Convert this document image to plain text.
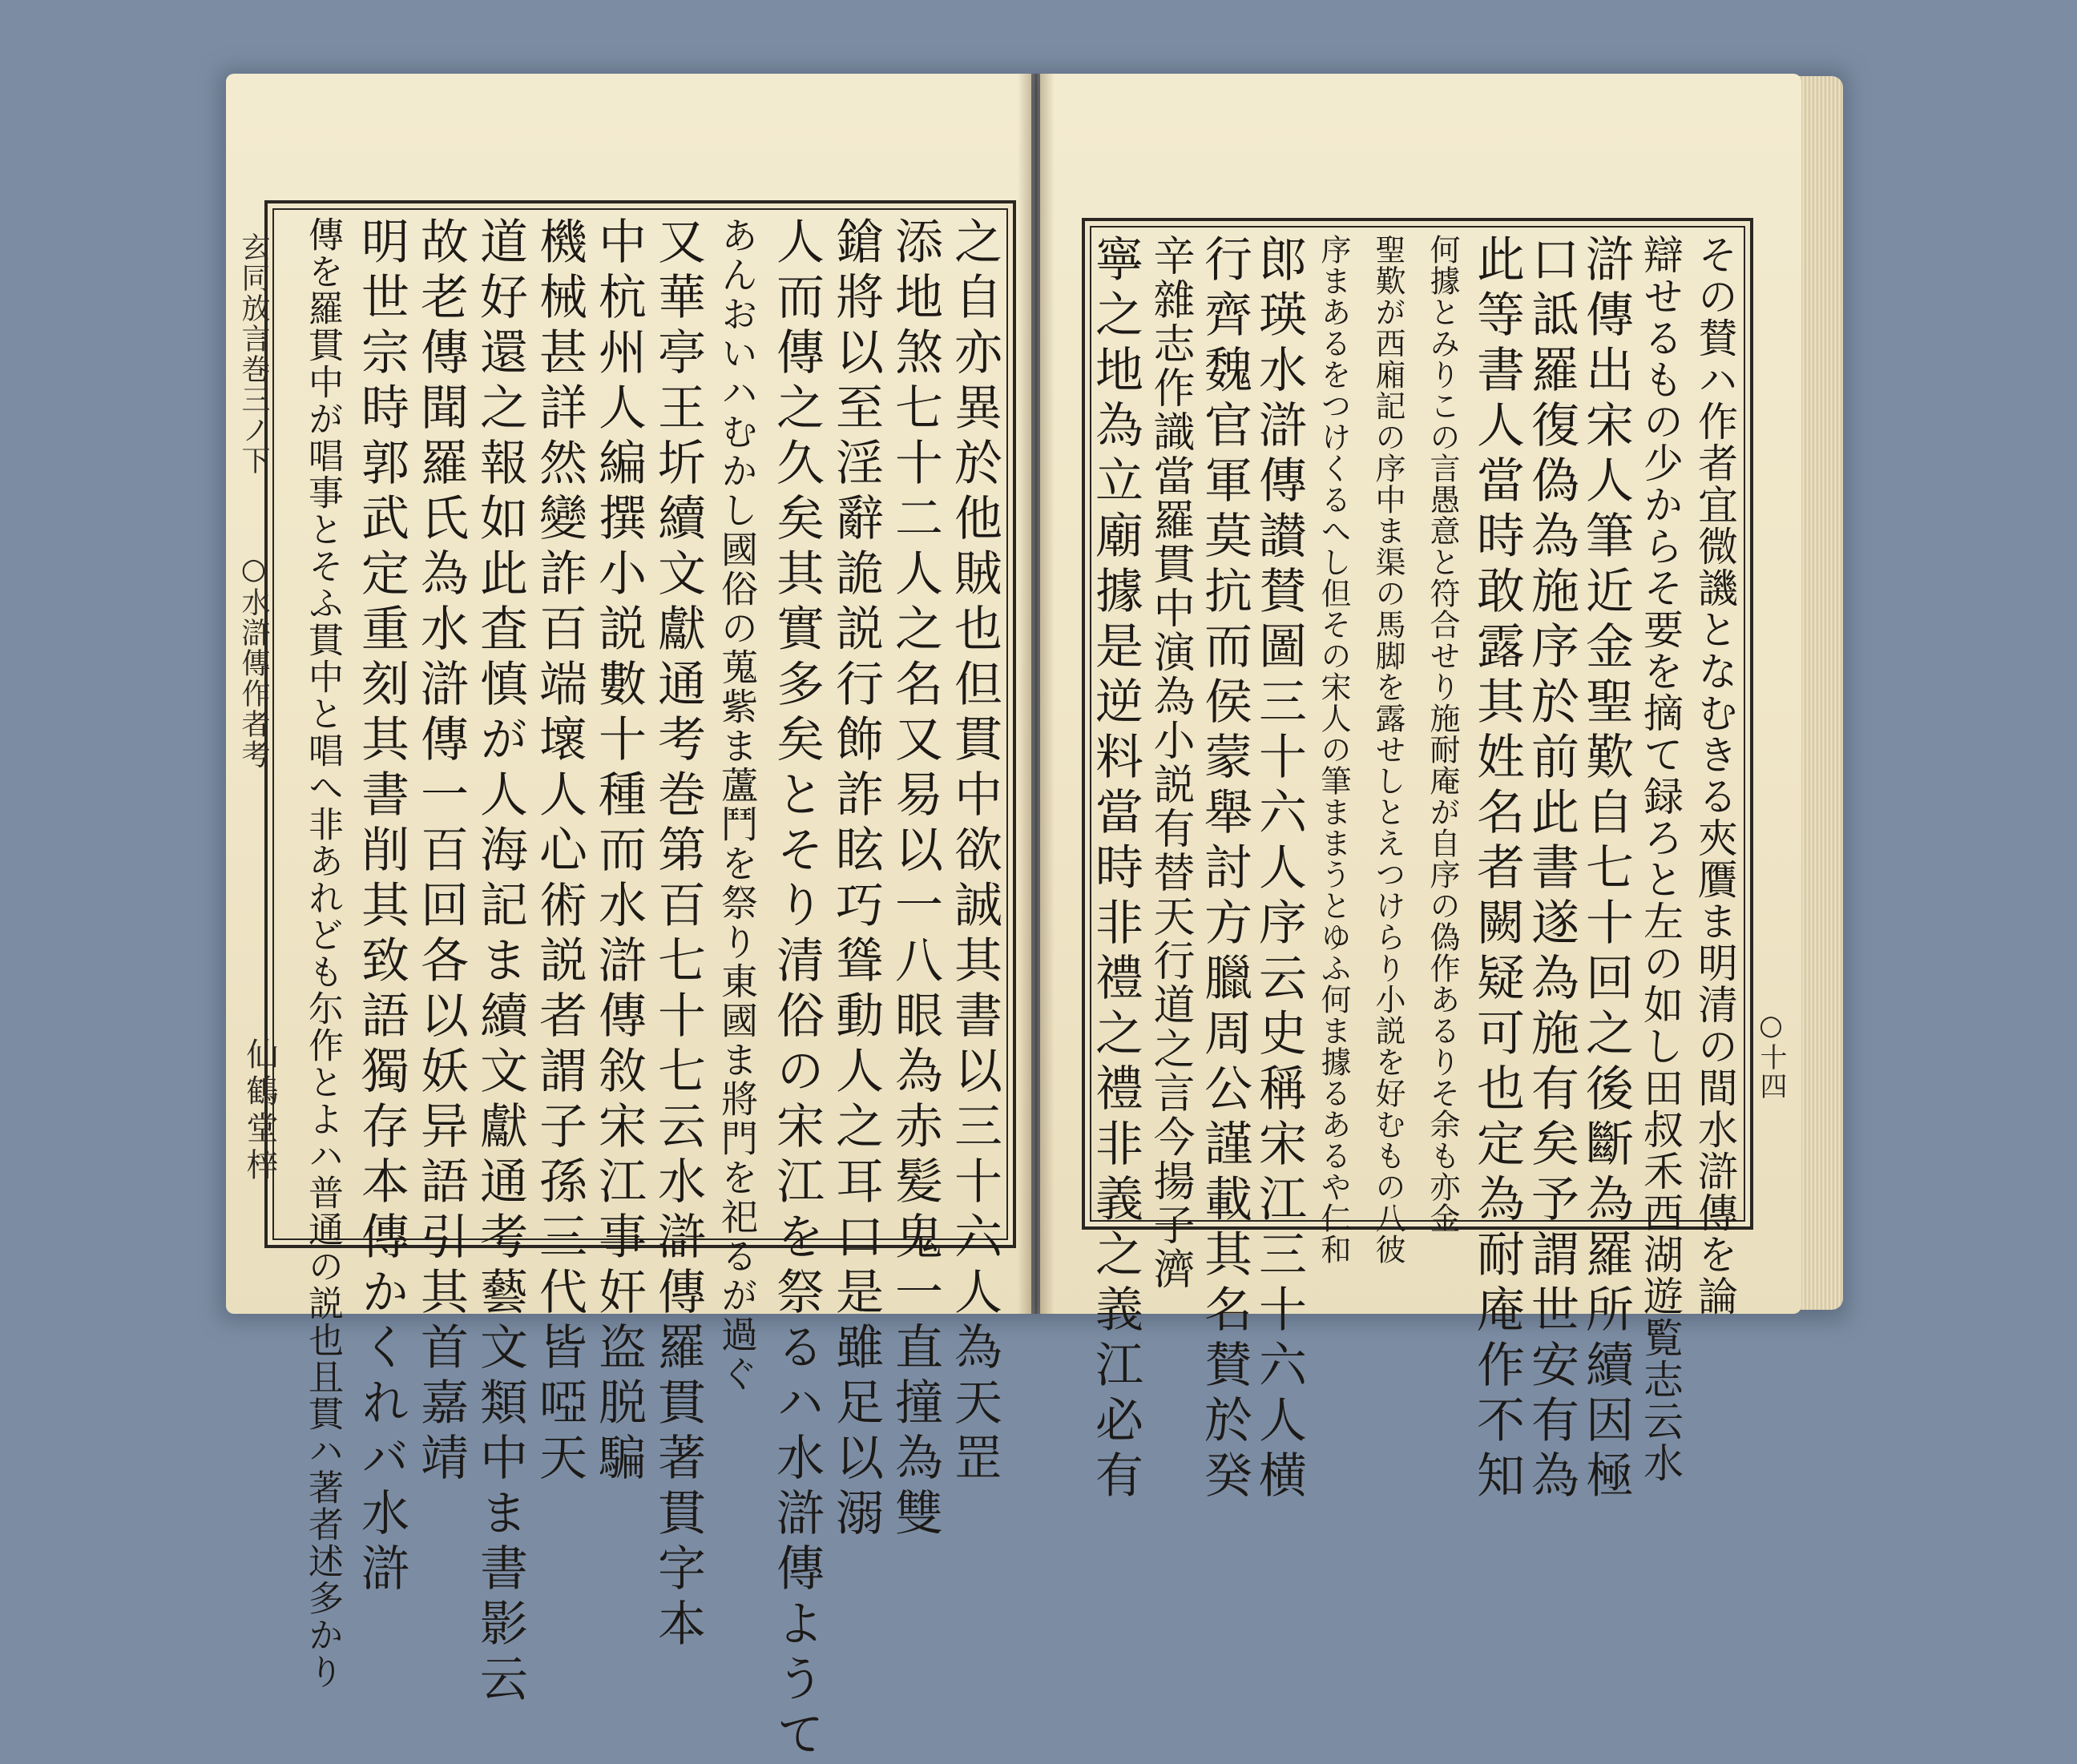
玄同放言巻三ノ下
○水滸傳作者考
仙鶴堂梓	之自亦異於他賊也但貫中欲誠其書以三十六人為天罡
添地煞七十二人之名又易以一八眼為赤髪鬼一直撞為雙
鎗將以至淫辭詭説行飾詐眩巧聳動人之耳口是雖足以溺
人而傳之久矣其實多矣とそり清俗の宋江を祭るハ水滸傳ようて
あんおいハむかし國俗の蒐紫ま蘆鬥を祭り東國ま將門を祀るが過ぐ
又華亭王圻續文獻通考巻第百七十七云水滸傳羅貫著貫字本
中杭州人編撰小説數十種而水滸傳敘宋江事奸盗脱騙
機械甚詳然變詐百端壞人心術説者謂子孫三代皆啞天
道好還之報如此査慎が人海記ま續文獻通考藝文類中ま書影云
故老傳聞羅氏為水滸傳一百回各以妖异語引其首嘉靖
明世宗時郭武定重刻其書削其致語獨存本傳かくれバ水滸
傳を羅貫中が唱事とそふ貫中と唱へ非あれども尓作とよハ普通の説也且貫ハ著者述多かり	その賛ハ作者宜微譏となむきる夾贋ま明清の間水滸傳を論
辯せるもの少からそ要を摘て録ろと左の如し田叔禾西湖遊覧志云水
滸傳出宋人筆近金聖歎自七十回之後斷為羅所續因極
口詆羅復偽為施序於前此書遂為施有矣予謂世安有為
此等書人當時敢露其姓名者闕疑可也定為耐庵作不知
何據とみりこの言愚意と符合せり施耐庵が自序の偽作あるりそ余も亦金
聖歎が西廂記の序中ま渠の馬脚を露せしとえつけらり小説を好むもの八彼
序まあるをつけくるへし但その宋人の筆ままうとゆふ何ま據るあるや仁和
郎瑛水滸傳讃賛圖三十六人序云史稱宋江三十六人横
行齊魏官軍莫抗而侯蒙舉討方臘周公謹載其名賛於癸
辛雜志作識當羅貫中演為小説有替天行道之言今揚子濟
寧之地為立廟據是逆料當時非禮之禮非義之義江必有	○十四
